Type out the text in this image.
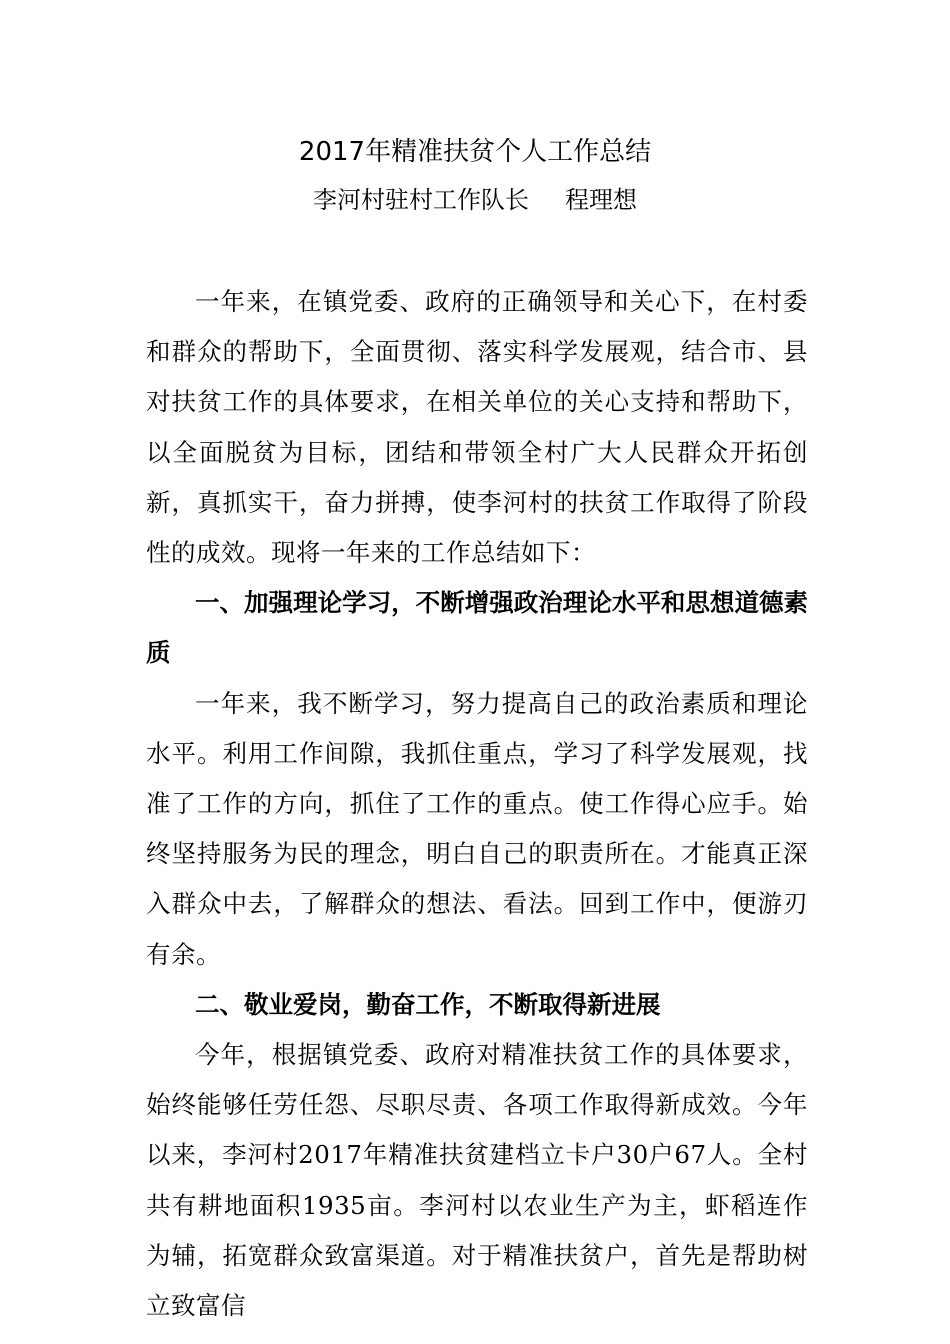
2017年精准扶贫个人工作总结
李河村驻村工作队长 程理想

一年来，在镇党委、政府的正确领导和关心下，在村委和群众的帮助下，全面贯彻、落实科学发展观，结合市、县对扶贫工作的具体要求，在相关单位的关心支持和帮助下，以全面脱贫为目标，团结和带领全村广大人民群众开拓创新，真抓实干，奋力拼搏，使李河村的扶贫工作取得了阶段性的成效。现将一年来的工作总结如下：

一、加强理论学习，不断增强政治理论水平和思想道德素质

一年来，我不断学习，努力提高自己的政治素质和理论水平。利用工作间隙，我抓住重点，学习了科学发展观，找准了工作的方向，抓住了工作的重点。使工作得心应手。始终坚持服务为民的理念，明白自己的职责所在。才能真正深入群众中去，了解群众的想法、看法。回到工作中，便游刃有余。

二、敬业爱岗，勤奋工作，不断取得新进展

今年，根据镇党委、政府对精准扶贫工作的具体要求，始终能够任劳任怨、尽职尽责、各项工作取得新成效。今年以来，李河村2017年精准扶贫建档立卡户30户67人。全村共有耕地面积1935亩。李河村以农业生产为主，虾稻连作为辅，拓宽群众致富渠道。对于精准扶贫户，首先是帮助树立致富信
